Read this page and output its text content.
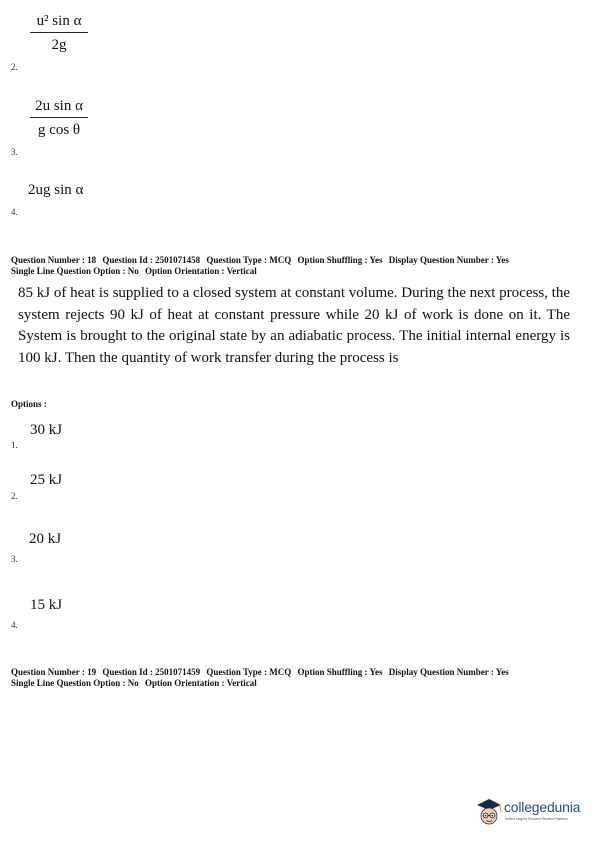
u² sin α
2g
2.
2u sin α
g cos θ
3.
2ug sin α
4.
Question Number : 18 Question Id : 2501071458 Question Type : MCQ Option Shuffling : Yes Display Question Number : Yes
Single Line Question Option : No Option Orientation : Vertical
85 kJ of heat is supplied to a closed system at constant volume. During the next process, the system rejects 90 kJ of heat at constant pressure while 20 kJ of work is done on it. The System is brought to the original state by an adiabatic process. The initial internal energy is 100 kJ. Then the quantity of work transfer during the process is
Options :
30 kJ
1.
25 kJ
2.
20 kJ
3.
15 kJ
4.
Question Number : 19 Question Id : 2501071459 Question Type : MCQ Option Shuffling : Yes Display Question Number : Yes
Single Line Question Option : No Option Orientation : Vertical
collegedunia
India's largest Student Review Platform
